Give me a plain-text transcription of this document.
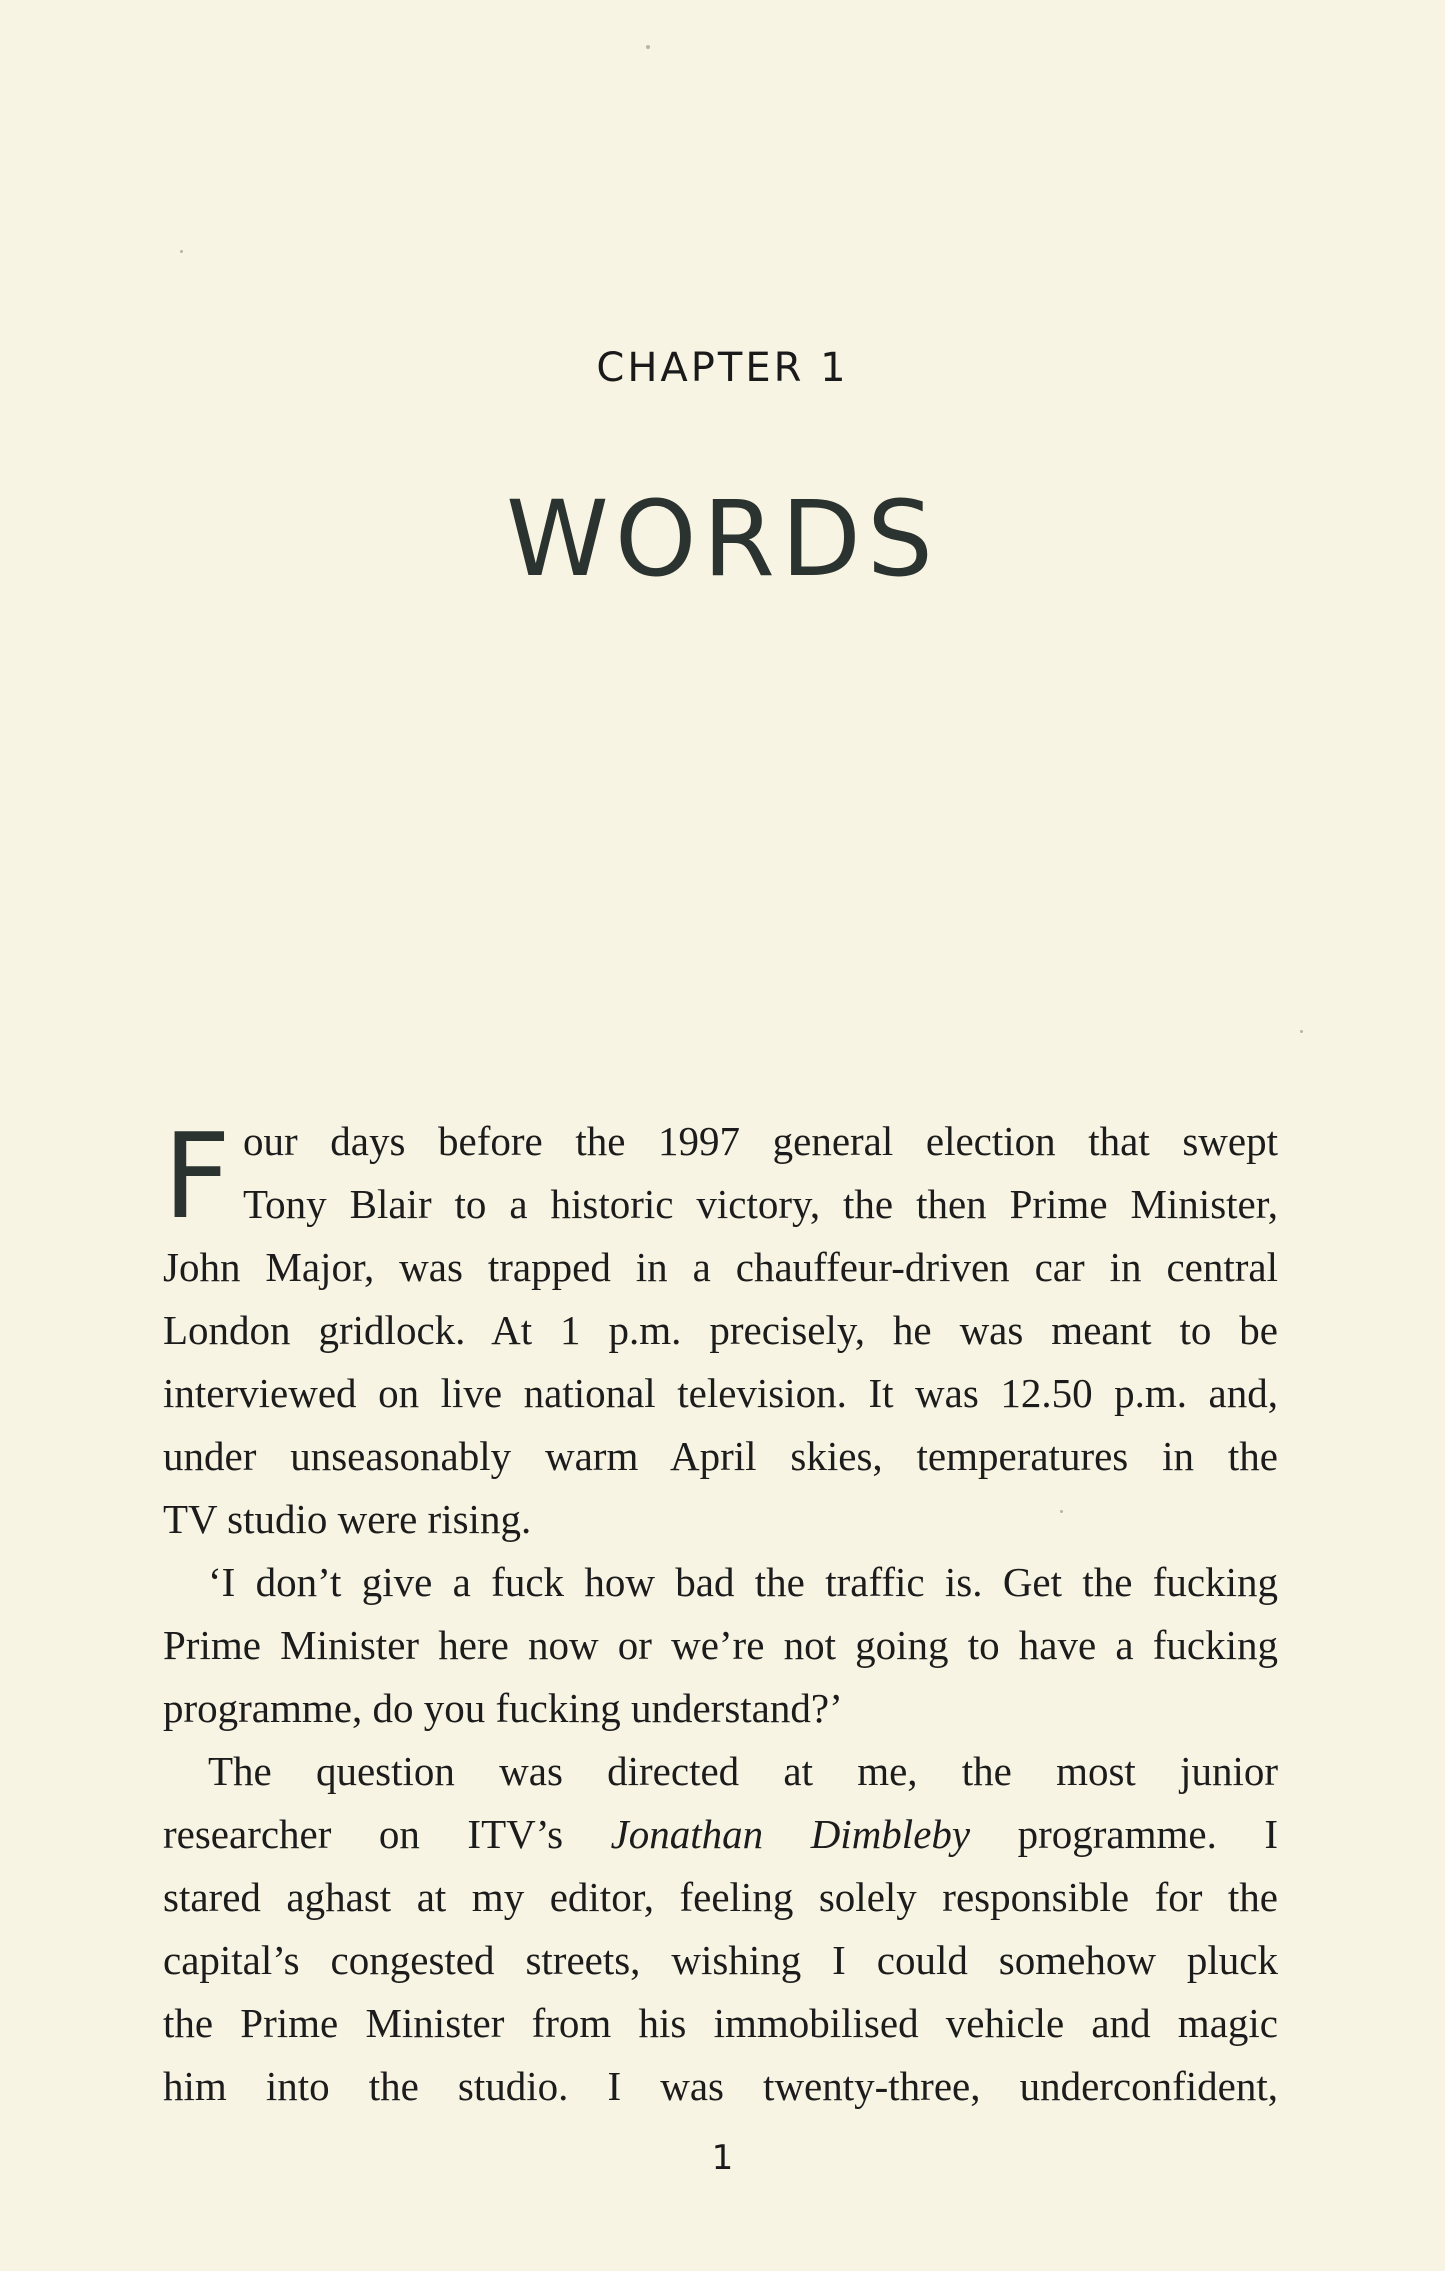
CHAPTER 1
WORDS
F our days before the 1997 general election that swept
Tony Blair to a historic victory, the then Prime Minister,
John Major, was trapped in a chauffeur-driven car in central
London gridlock. At 1 p.m. precisely, he was meant to be
interviewed on live national television. It was 12.50 p.m. and,
under unseasonably warm April skies, temperatures in the
TV studio were rising.
‘I don’t give a fuck how bad the traffic is. Get the fucking
Prime Minister here now or we’re not going to have a fucking
programme, do you fucking understand?’
The question was directed at me, the most junior
researcher on ITV’s Jonathan Dimbleby programme. I
stared aghast at my editor, feeling solely responsible for the
capital’s congested streets, wishing I could somehow pluck
the Prime Minister from his immobilised vehicle and magic
him into the studio. I was twenty-three, underconfident,
1
